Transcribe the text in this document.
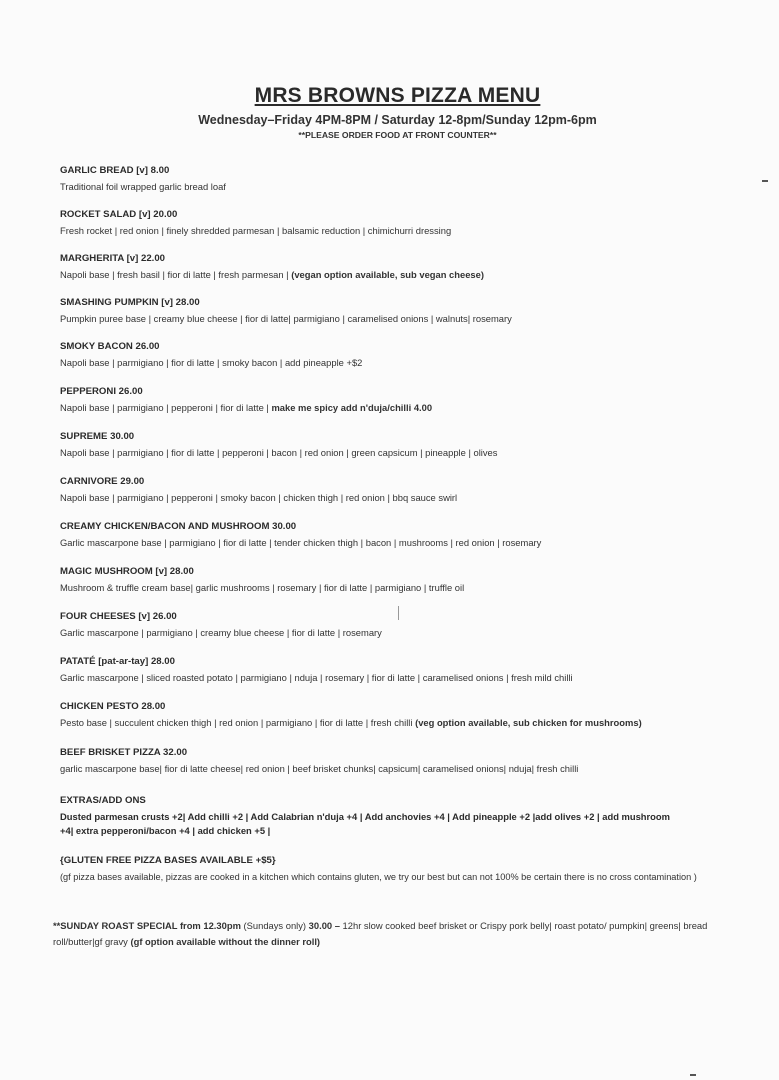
MRS BROWNS PIZZA MENU
Wednesday–Friday 4PM-8PM / Saturday 12-8pm/Sunday 12pm-6pm
**PLEASE ORDER FOOD AT FRONT COUNTER**
GARLIC BREAD [v] 8.00
Traditional foil wrapped garlic bread loaf
ROCKET SALAD [v] 20.00
Fresh rocket | red onion | finely shredded parmesan | balsamic reduction | chimichurri dressing
MARGHERITA [v] 22.00
Napoli base | fresh basil | fior di latte | fresh parmesan | (vegan option available, sub vegan cheese)
SMASHING PUMPKIN [v] 28.00
Pumpkin puree base | creamy blue cheese | fior di latte| parmigiano | caramelised onions | walnuts| rosemary
SMOKY BACON 26.00
Napoli base | parmigiano | fior di latte | smoky bacon | add pineapple +$2
PEPPERONI 26.00
Napoli base | parmigiano | pepperoni | fior di latte | make me spicy add n'duja/chilli 4.00
SUPREME 30.00
Napoli base | parmigiano | fior di latte | pepperoni | bacon | red onion | green capsicum | pineapple | olives
CARNIVORE 29.00
Napoli base | parmigiano | pepperoni | smoky bacon | chicken thigh | red onion | bbq sauce swirl
CREAMY CHICKEN/BACON AND MUSHROOM 30.00
Garlic mascarpone base | parmigiano | fior di latte | tender chicken thigh | bacon | mushrooms | red onion | rosemary
MAGIC MUSHROOM [v] 28.00
Mushroom & truffle cream base| garlic mushrooms | rosemary | fior di latte | parmigiano | truffle oil
FOUR CHEESES [v] 26.00
Garlic mascarpone | parmigiano | creamy blue cheese | fior di latte | rosemary
PATATÉ [pat-ar-tay] 28.00
Garlic mascarpone | sliced roasted potato | parmigiano | nduja | rosemary | fior di latte | caramelised onions | fresh mild chilli
CHICKEN PESTO 28.00
Pesto base | succulent chicken thigh | red onion | parmigiano | fior di latte | fresh chilli (veg option available, sub chicken for mushrooms)
BEEF BRISKET PIZZA 32.00
garlic mascarpone base| fior di latte cheese| red onion | beef brisket chunks| capsicum| caramelised onions| nduja| fresh chilli
EXTRAS/ADD ONS
Dusted parmesan crusts +2| Add chilli +2 | Add Calabrian n'duja +4 | Add anchovies +4 | Add pineapple +2 |add olives +2 | add mushroom +4| extra pepperoni/bacon +4 | add chicken +5 |
{GLUTEN FREE PIZZA BASES AVAILABLE +$5}
(gf pizza bases available, pizzas are cooked in a kitchen which contains gluten, we try our best but can not 100% be certain there is no cross contamination )
**SUNDAY ROAST SPECIAL from 12.30pm (Sundays only) 30.00 – 12hr slow cooked beef brisket or Crispy pork belly| roast potato/ pumpkin| greens| bread roll/butter|gf gravy (gf option available without the dinner roll)
